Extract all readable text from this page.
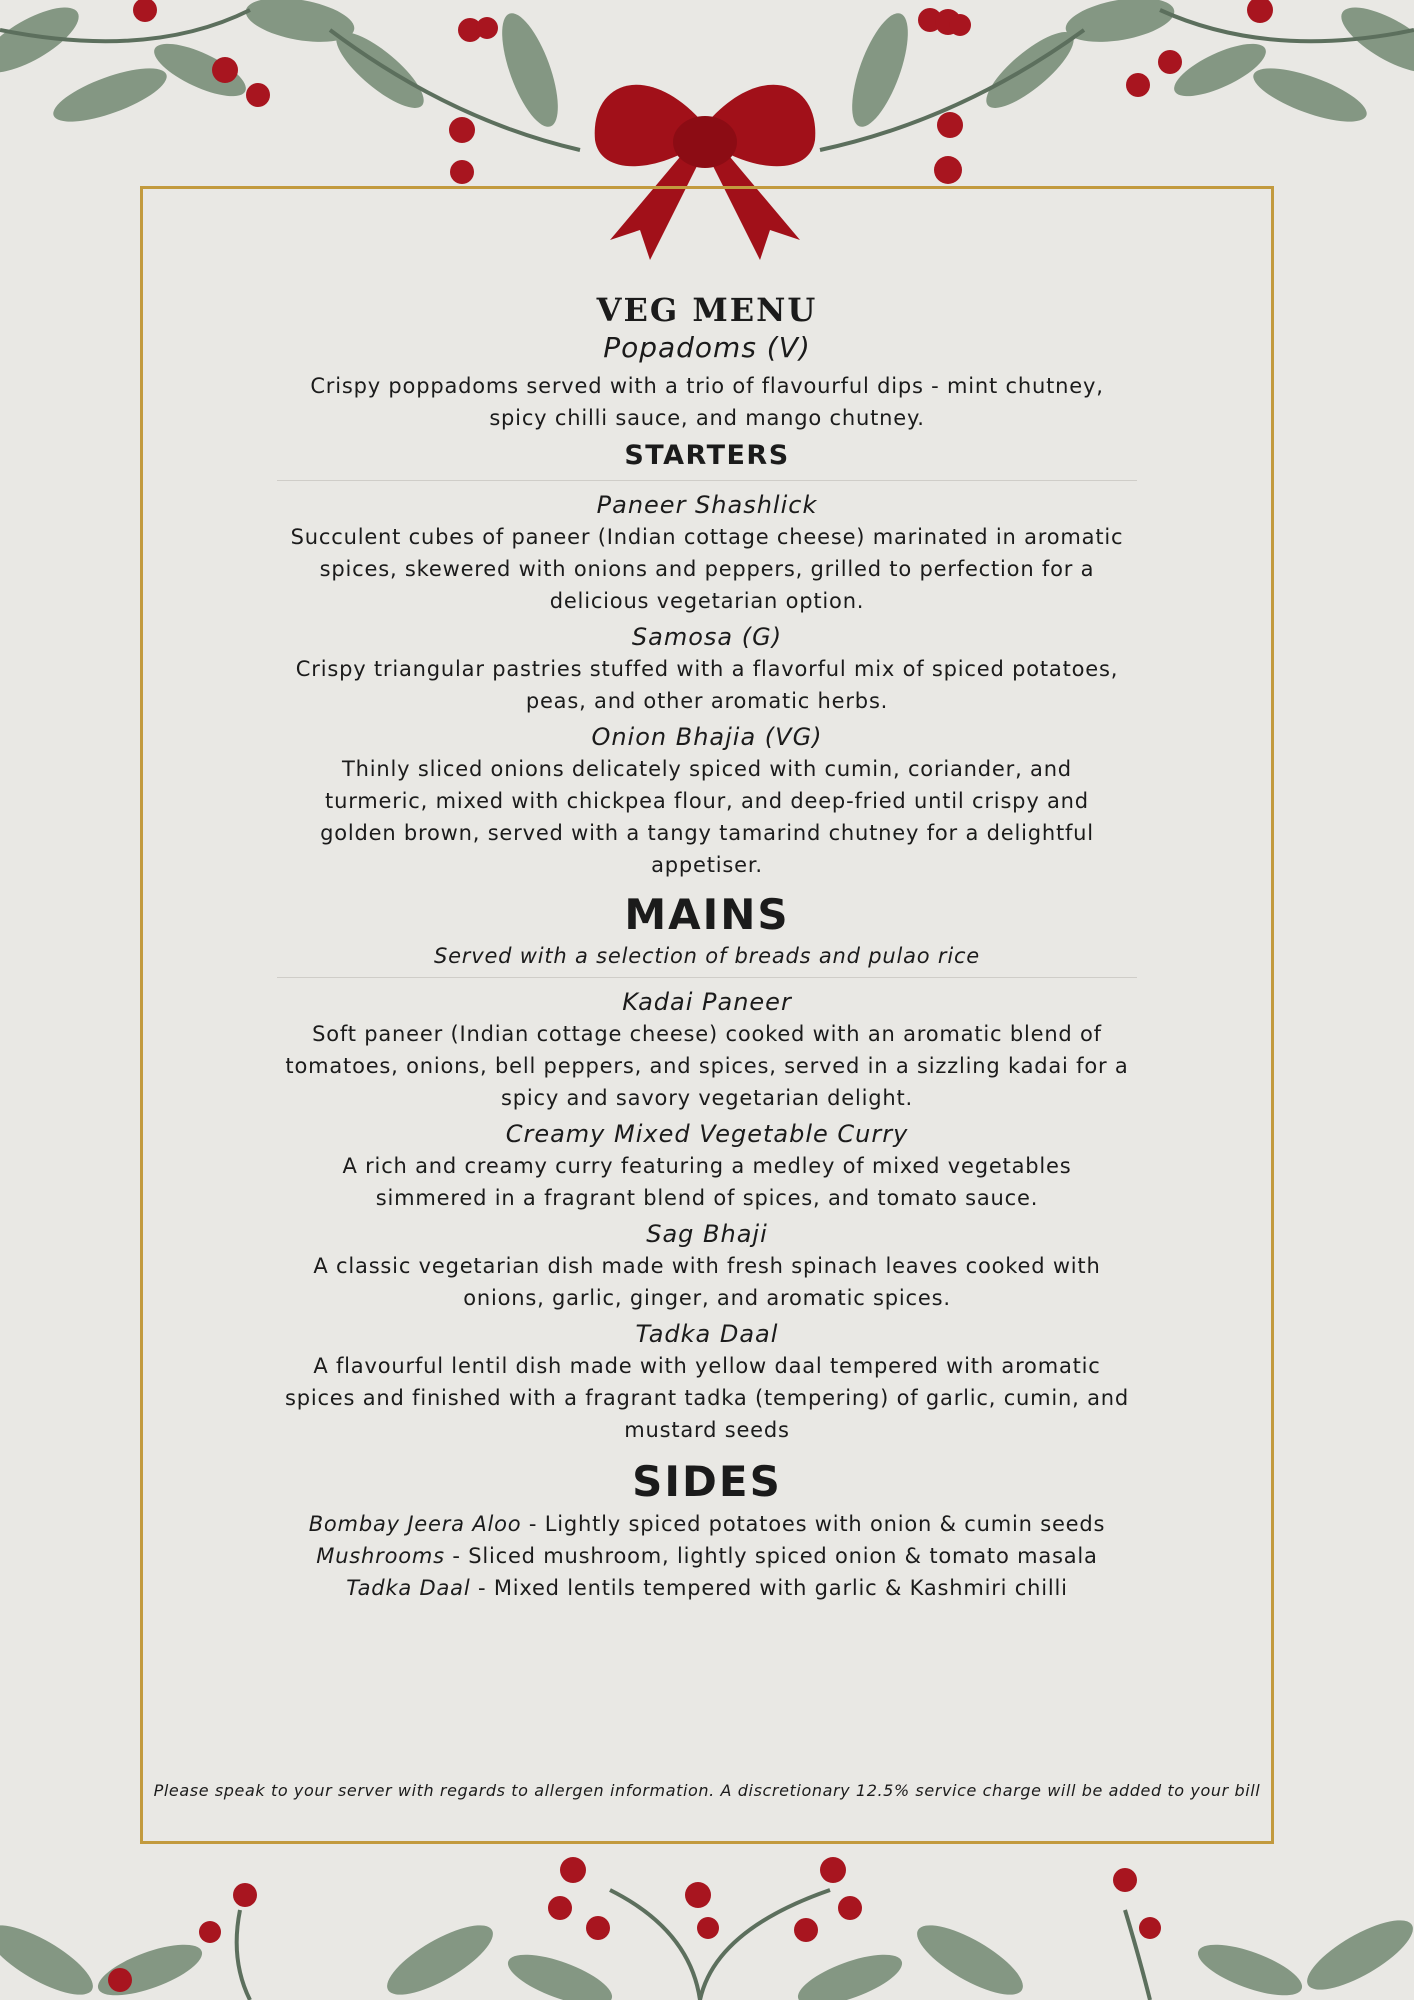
VEG MENU

Popadoms (V)

Crispy poppadoms served with a trio of flavourful dips - mint chutney, spicy chilli sauce, and mango chutney.

STARTERS

Paneer Shashlick

Succulent cubes of paneer (Indian cottage cheese) marinated in aromatic spices, skewered with onions and peppers, grilled to perfection for a delicious vegetarian option.

Samosa (G)

Crispy triangular pastries stuffed with a flavorful mix of spiced potatoes, peas, and other aromatic herbs.

Onion Bhajia (VG)

Thinly sliced onions delicately spiced with cumin, coriander, and turmeric, mixed with chickpea flour, and deep-fried until crispy and golden brown, served with a tangy tamarind chutney for a delightful appetiser.

MAINS

Served with a selection of breads and pulao rice

Kadai Paneer

Soft paneer (Indian cottage cheese) cooked with an aromatic blend of tomatoes, onions, bell peppers, and spices, served in a sizzling kadai for a spicy and savory vegetarian delight.

Creamy Mixed Vegetable Curry

A rich and creamy curry featuring a medley of mixed vegetables simmered in a fragrant blend of spices, and tomato sauce.

Sag Bhaji

A classic vegetarian dish made with fresh spinach leaves cooked with onions, garlic, ginger, and aromatic spices.

Tadka Daal

A flavourful lentil dish made with yellow daal tempered with aromatic spices and finished with a fragrant tadka (tempering) of garlic, cumin, and mustard seeds

SIDES

Bombay Jeera Aloo - Lightly spiced potatoes with onion & cumin seeds

Mushrooms - Sliced mushroom, lightly spiced onion & tomato masala

Tadka Daal - Mixed lentils tempered with garlic & Kashmiri chilli

Please speak to your server with regards to allergen information. A discretionary 12.5% service charge will be added to your bill
